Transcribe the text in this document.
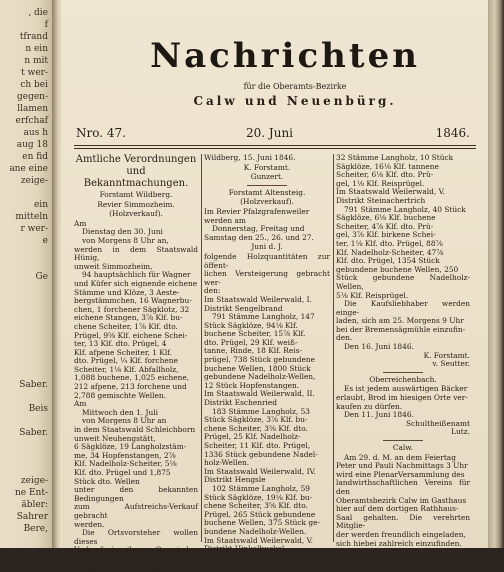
, die
f
tfrand
n ein
n mit
t wer-
ch bei
gegen-
llamen
erfchaf
aus h
aug 18
en fid
ane eine
zeige-
ein
mitteln
r wer-
e
Ge
Saber.
Beis
Saber.
zeige-
ne Ent-
äbler:
Sahrer
Bere,
Nachrichten
für die Oberamts-Bezirke
Calw und Neuenbürg.
Nro. 47.	20. Juni	1846.

Amtliche Verordnungen und

Bekanntmachungen.

Forstamt Wildberg.

Revier Simmozheim.

(Holzverkauf).

Am

Dienstag den 30. Juni

von Morgens 8 Uhr an,

werden in dem Staatswald Hünig,

unweit Simmozheim,

94 hauptsächlich für Wagner

und Küfer sich eignende eichene

Stämme und Klöze, 3 Aeste-

bergstämmchen, 16 Wagnerbu-

chen, 1 forchener Sägklotz, 32

eichene Stangen, 3⅞ Klf. bu-

chene Scheiter, 1⅞ Klf. dto.

Prügel, 9⅝ Klf. eichene Schei-

ter, 13 Klf. dto. Prügel, 4

Klf. afpene Scheiter, 1 Klf.

dto. Prügel, ¼ Klf. forchene

Scheiter, 1⅛ Klf. Abfallholz,

1,088 buchene, 1,025 eichene,

212 afpene, 213 forchene und

2,788 gemischte Wellen.

Am

Mittwoch den 1. Juli

von Morgens 8 Uhr an

in dem Staatswald Schleichborn

unweit Neuhengstätt,

6 Sägklöze, 19 Langholzstäm-

me, 34 Hopfenstangen, 2⅞

Klf. Nadelholz-Scheiter, 5⅛

Klf. dto. Prügel und 1,875

Stück dto. Wellen

unter den bekannten Bedingungen

zum Aufstreichs-Verkauf gebracht

werden.

Die Ortsvorsteher wollen dieses

Verkauf in ihren Gemeinden recht-

zeitig bekannt machen lassen.

Wildberg, 15. Juni 1846.

K. Forstamt.

Gunzert.

Forstamt Altensteig.

(Holzverkauf).

Im Revier Pfalzgrafenweiler

werden am

Donnerstag, Freitag und

Samstag den 25., 26. und 27.

Juni d. J.

folgende Holzquantitäten zur öffent-

lichen Versteigerung gebracht wer-

den:

Im Staatswald Weilerwald, I.

Distrikt Sengelbrand

791 Stämme Langholz, 147

Stück Sägklöze, 94⅛ Klf.

buchene Scheiter, 15⅞ Klf.

dto. Prügel, 29 Klf. weiß-

tanne, Rinde, 18 Klf. Reis-

prügel, 738 Stück gebundene

buchene Wellen, 1800 Stück

gebundene Nadelholz-Wellen,

12 Stück Hopfenstangen.

Im Staatswald Weilerwald, II.

Distrikt Eschenried

183 Stämme Langholz, 53

Stück Sägklöze, 3⅞ Klf. bu-

chene Scheiter, 3⅜ Klf. dto.

Prügel, 25 Klf. Nadelholz-

Scheiter, 11 Klf. dto. Prügel,

1336 Stück gebundene Nadel-

holz-Wellen.

Im Staatswald Weilerwald, IV.

Distrikt Hengsle

102 Stämme Langholz, 59

Stück Sägklöze, 19⅛ Klf. bu-

chene Scheiter, 3⅝ Klf. dto.

Prügel, 265 Stück gebundene

buchene Wellen, 375 Stück ge-

bundene Nadelholz-Wellen.

Im Staatswald Weilerwald, V.

Distrikt Hinkelbuckel

32 Stämme Langholz, 10 Stück

Sägklöze, 16⅛ Klf. tannene

Scheiter, 6⅛ Klf. dto. Prü-

gel, 1⅛ Klf. Reisprügel.

Im Staatswald Weilerwald, V.

Distrikt Steinachertrich

791 Stämme Langholz, 40 Stück

Sägklöze, 6⅛ Klf. buchene

Scheiter, 4⅞ Klf. dto. Prü-

gel, 3⅞ Klf. birkene Schei-

ter, 1⅛ Klf. dto. Prügel, 88⅞

Klf. Nadelholz-Scheiter, 47⅞

Klf. dto. Prügel, 1354 Stück

gebundene buchene Wellen, 250

Stück gebundene Nadelholz-Wellen,

5⅛ Klf. Reisprügel.

Die Kaufsliebhaber werden einge-

laden, sich am 25. Morgens 9 Uhr

bei der Bremensägmühle einzufin-

den.

Den 16. Juni 1846.

K. Forstamt.

v. Seutter.

Oberreichenbach.

Es ist jedem auswärtigen Bäcker

erlaubt, Brod im hiesigen Orte ver-

kaufen zu dürfen.

Den 11. Juni 1846.

Schultheißenamt

Lutz.

Calw.

Am 29. d. M. an dem Feiertag

Peter und Pauli Nachmittags 3 Uhr

wird eine PlenarVersammlung des

landwirthschaftlichen Vereins für den

Oberamtsbezirk Calw im Gasthaus

hier auf dem dortigen Rathhaus-

Saal gehalten. Die verehrten Mitglie-

der werden freundlich eingeladen,

sich hiebei zahlreich einzufinden.
